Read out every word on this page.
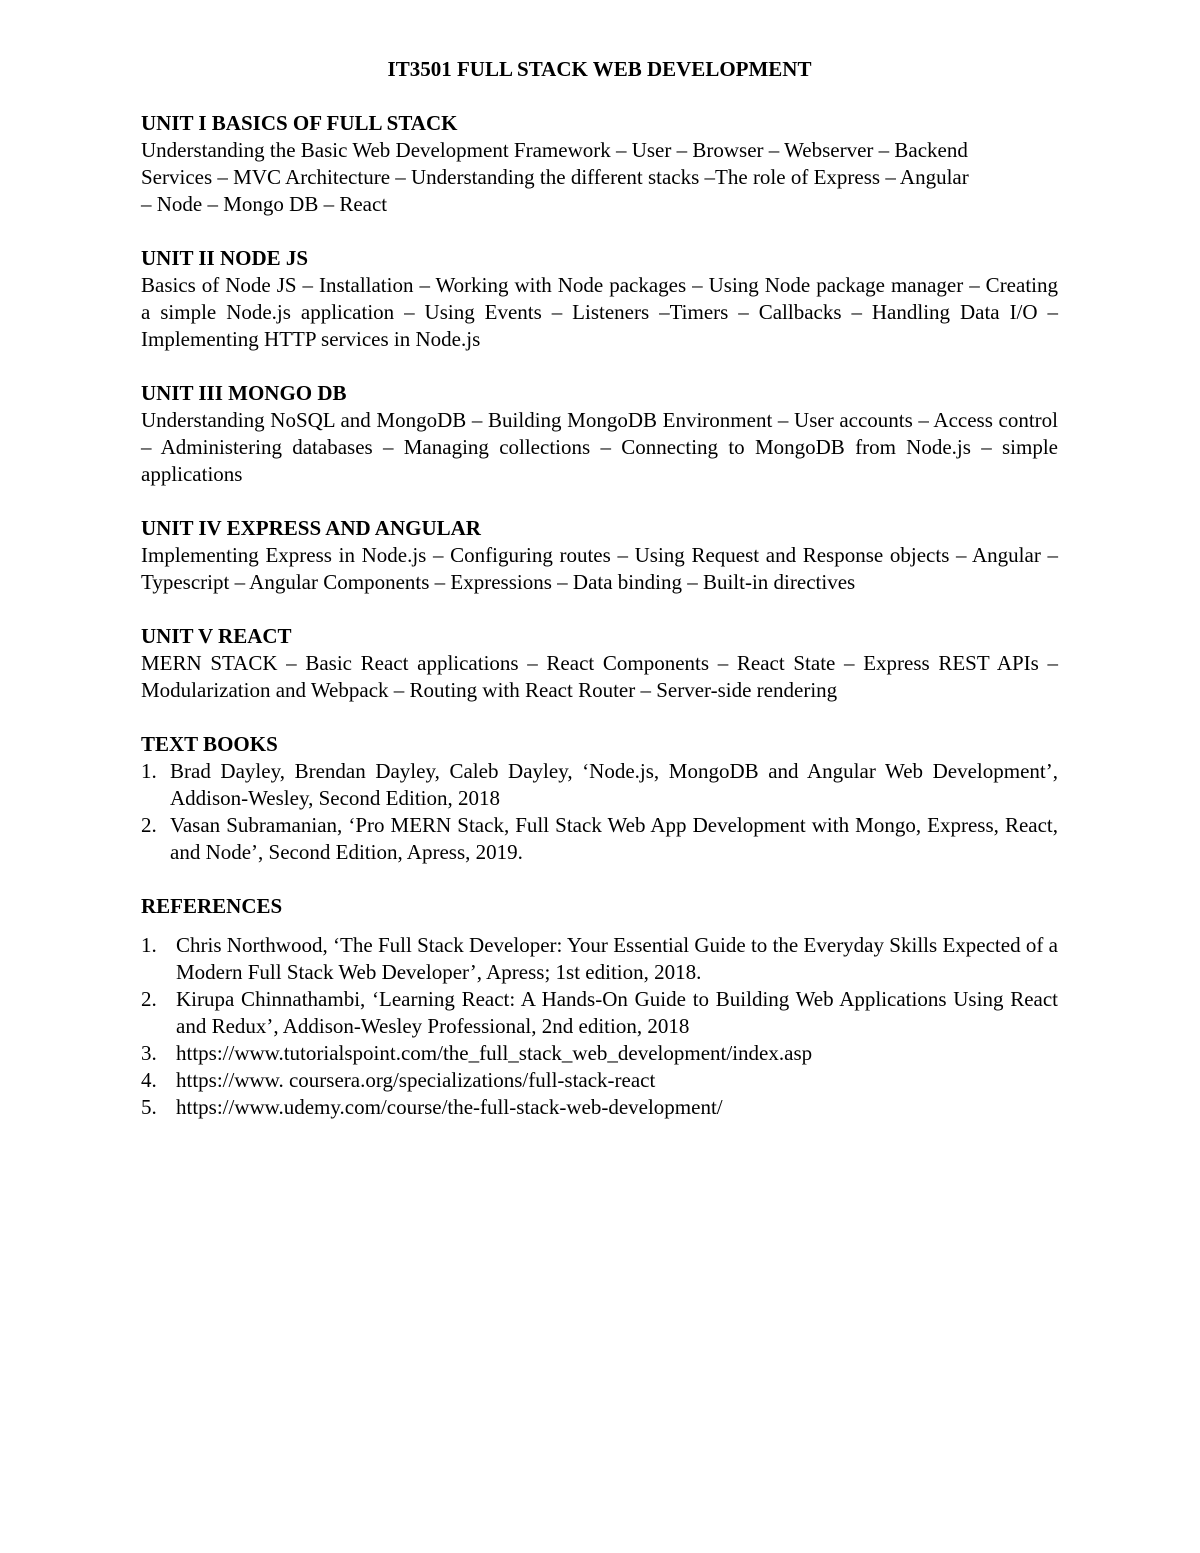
IT3501 FULL STACK WEB DEVELOPMENT
UNIT I BASICS OF FULL STACK

Understanding the Basic Web Development Framework – User – Browser – Webserver – Backend

Services – MVC Architecture – Understanding the different stacks –The role of Express – Angular

– Node – Mongo DB – React

UNIT II NODE JS

Basics of Node JS – Installation – Working with Node packages – Using Node package manager – Creating a simple Node.js application – Using Events – Listeners –Timers – Callbacks – Handling Data I/O – Implementing HTTP services in Node.js

UNIT III MONGO DB

Understanding NoSQL and MongoDB – Building MongoDB Environment – User accounts – Access control – Administering databases – Managing collections – Connecting to MongoDB from Node.js – simple applications

UNIT IV EXPRESS AND ANGULAR

Implementing Express in Node.js – Configuring routes – Using Request and Response objects – Angular – Typescript – Angular Components – Expressions – Data binding – Built-in directives

UNIT V REACT

MERN STACK – Basic React applications – React Components – React State – Express REST APIs – Modularization and Webpack – Routing with React Router – Server-side rendering

TEXT BOOKS
1. Brad Dayley, Brendan Dayley, Caleb Dayley, ‘Node.js, MongoDB and Angular Web Development’, Addison-Wesley, Second Edition, 2018
2. Vasan Subramanian, ‘Pro MERN Stack, Full Stack Web App Development with Mongo, Express, React, and Node’, Second Edition, Apress, 2019.
REFERENCES
1. Chris Northwood, ‘The Full Stack Developer: Your Essential Guide to the Everyday Skills Expected of a Modern Full Stack Web Developer’, Apress; 1st edition, 2018.
2. Kirupa Chinnathambi, ‘Learning React: A Hands-On Guide to Building Web Applications Using React and Redux’, Addison-Wesley Professional, 2nd edition, 2018
3. https://www.tutorialspoint.com/the_full_stack_web_development/index.asp
4. https://www. coursera.org/specializations/full-stack-react
5. https://www.udemy.com/course/the-full-stack-web-development/
